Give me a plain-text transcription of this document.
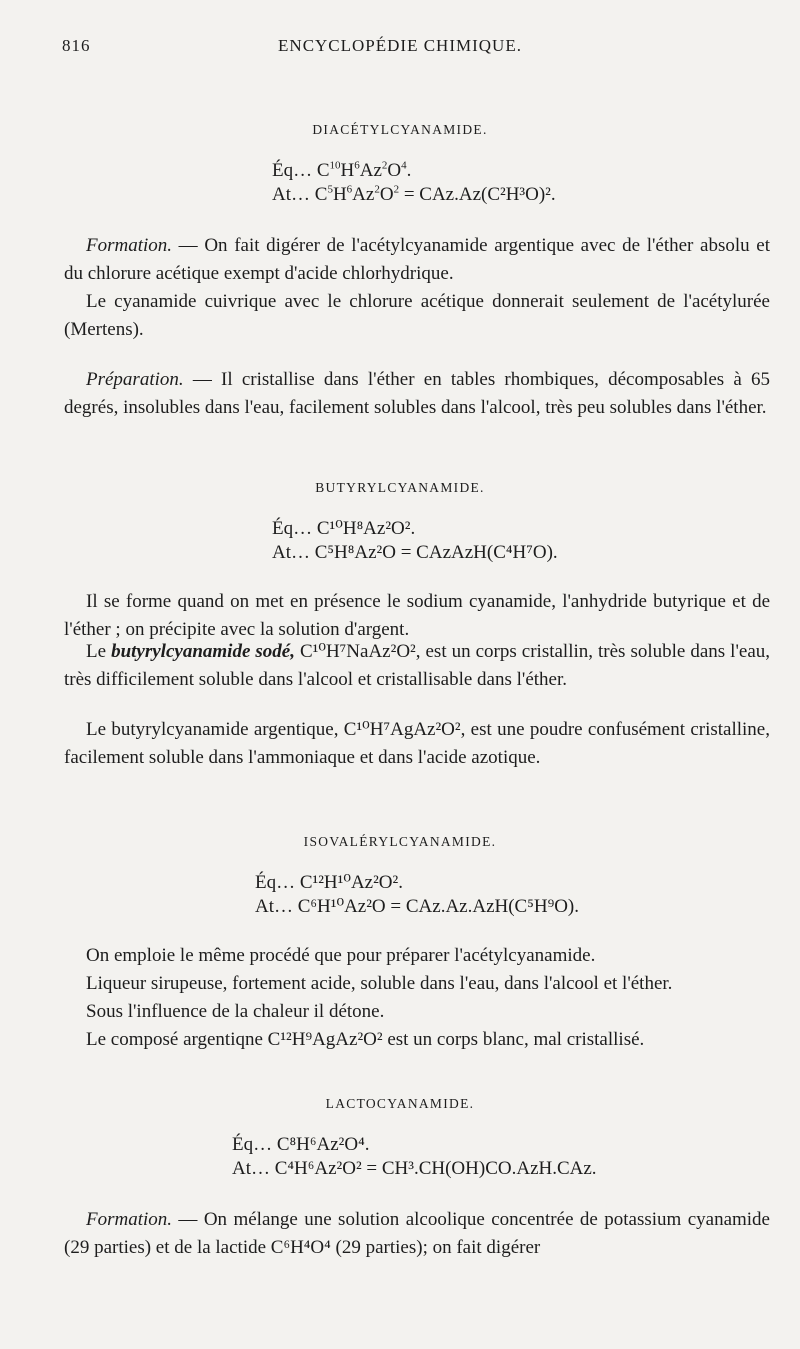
816	ENCYCLOPÉDIE CHIMIQUE.
DIACÉTYLCYANAMIDE.
Éq… $C^{10}H^6Az^2O^4$.
At… $C^5H^6Az^2O^2 = CAz.Az(C^2H^3O)^2$.
Formation. — On fait digérer de l'acétylcyanamide argentique avec de l'éther absolu et du chlorure acétique exempt d'acide chlorhydrique.
Le cyanamide cuivrique avec le chlorure acétique donnerait seulement de l'acétylurée (Mertens).
Préparation. — Il cristallise dans l'éther en tables rhombiques, décomposables à 65 degrés, insolubles dans l'eau, facilement solubles dans l'alcool, très peu solubles dans l'éther.
BUTYRYLCYANAMIDE.
Éq… C¹⁰H⁸Az²O².
At… C⁵H⁸Az²O = CAzAzH(C⁴H⁷O).
Il se forme quand on met en présence le sodium cyanamide, l'anhydride butyrique et de l'éther ; on précipite avec la solution d'argent.
Le butyrylcyanamide sodé, C¹⁰H⁷NaAz²O², est un corps cristallin, très soluble dans l'eau, très difficilement soluble dans l'alcool et cristallisable dans l'éther.
Le butyrylcyanamide argentique, C¹⁰H⁷AgAz²O², est une poudre confusément cristalline, facilement soluble dans l'ammoniaque et dans l'acide azotique.
ISOVALÉRYLCYANAMIDE.
Éq… C¹²H¹⁰Az²O².
At… C⁶H¹⁰Az²O = CAz.Az.AzH(C⁵H⁹O).
On emploie le même procédé que pour préparer l'acétylcyanamide.
Liqueur sirupeuse, fortement acide, soluble dans l'eau, dans l'alcool et l'éther.
Sous l'influence de la chaleur il détone.
Le composé argentiqne C¹²H⁹AgAz²O² est un corps blanc, mal cristallisé.
LACTOCYANAMIDE.
Éq… C⁸H⁶Az²O⁴.
At… C⁴H⁶Az²O² = CH³.CH(OH)CO.AzH.CAz.
Formation. — On mélange une solution alcoolique concentrée de potassium cyanamide (29 parties) et de la lactide C⁶H⁴O⁴ (29 parties); on fait digérer
